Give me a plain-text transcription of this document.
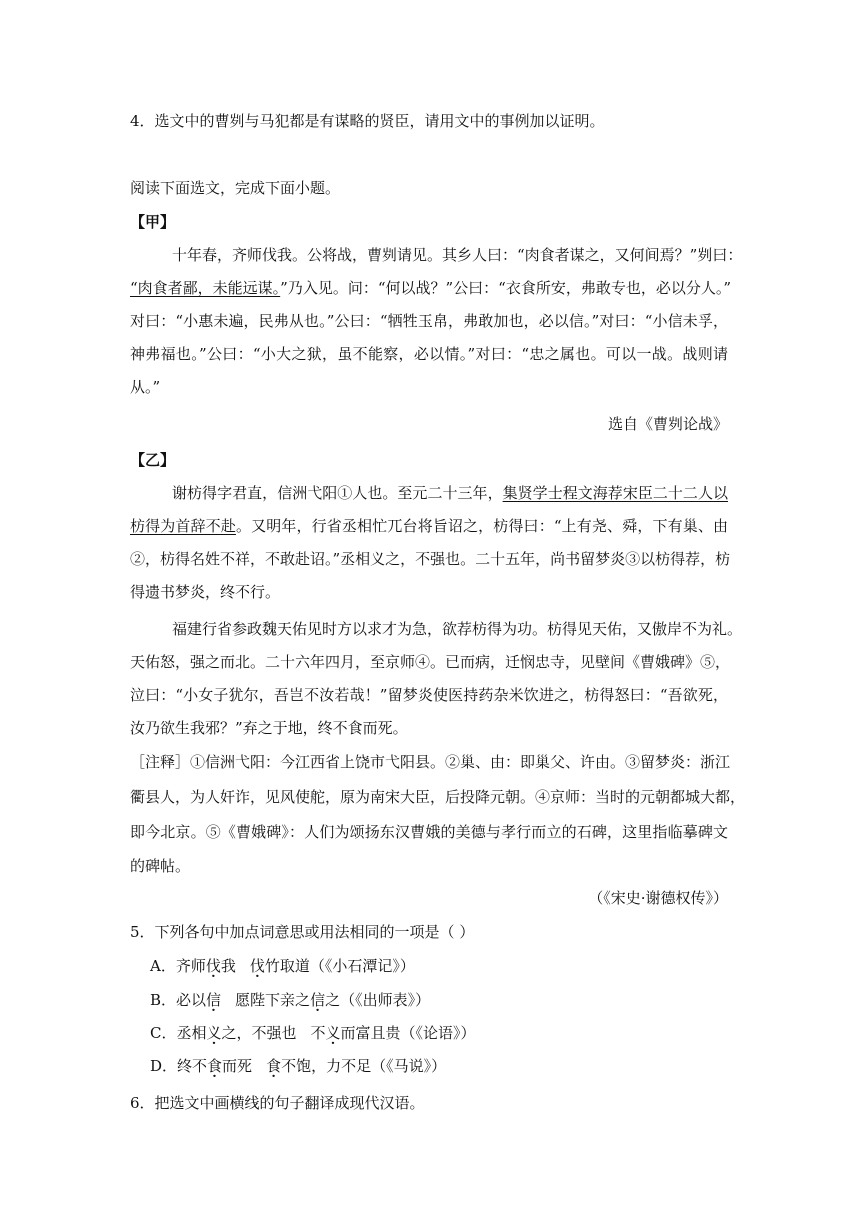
4．选文中的曹刿与马犯都是有谋略的贤臣，请用文中的事例加以证明。
阅读下面选文，完成下面小题。
【甲】
十年春，齐师伐我。公将战，曹刿请见。其乡人曰：“肉食者谋之，又何间焉？”刿曰：
“肉食者鄙，未能远谋。”乃入见。问：“何以战？”公曰：“衣食所安，弗敢专也，必以分人。”
对曰：“小惠未遍，民弗从也。”公曰：“牺牲玉帛，弗敢加也，必以信。”对曰：“小信未孚，
神弗福也。”公曰：“小大之狱，虽不能察，必以情。”对曰：“忠之属也。可以一战。战则请
从。”
选自《曹刿论战》
【乙】
谢枋得字君直，信洲弋阳①人也。至元二十三年，集贤学士程文海荐宋臣二十二人以
枋得为首辞不赴。又明年，行省丞相忙兀台将旨诏之，枋得曰：“上有尧、舜，下有巢、由
②，枋得名姓不祥，不敢赴诏。”丞相义之，不强也。二十五年，尚书留梦炎③以枋得荐，枋
得遗书梦炎，终不行。
福建行省参政魏天佑见时方以求才为急，欲荐枋得为功。枋得见天佑，又傲岸不为礼。
天佑怒，强之而北。二十六年四月，至京师④。已而病，迁悯忠寺，见壁间《曹娥碑》⑤，
泣曰：“小女子犹尔，吾岂不汝若哉！”留梦炎使医持药杂米饮进之，枋得怒曰：“吾欲死，
汝乃欲生我邪？”弃之于地，终不食而死。
［注释］①信洲弋阳：今江西省上饶市弋阳县。②巢、由：即巢父、许由。③留梦炎：浙江
衢县人，为人奸诈，见风使舵，原为南宋大臣，后投降元朝。④京师：当时的元朝都城大都，
即今北京。⑤《曹娥碑》：人们为颂扬东汉曹娥的美德与孝行而立的石碑，这里指临摹碑文
的碑帖。
（《宋史·谢德权传》）
5．下列各句中加点词意思或用法相同的一项是（ ）
A．齐师伐我 伐竹取道（《小石潭记》）
B．必以信 愿陛下亲之信之（《出师表》）
C．丞相义之，不强也 不义而富且贵（《论语》）
D．终不食而死 食不饱，力不足（《马说》）
6．把选文中画横线的句子翻译成现代汉语。
